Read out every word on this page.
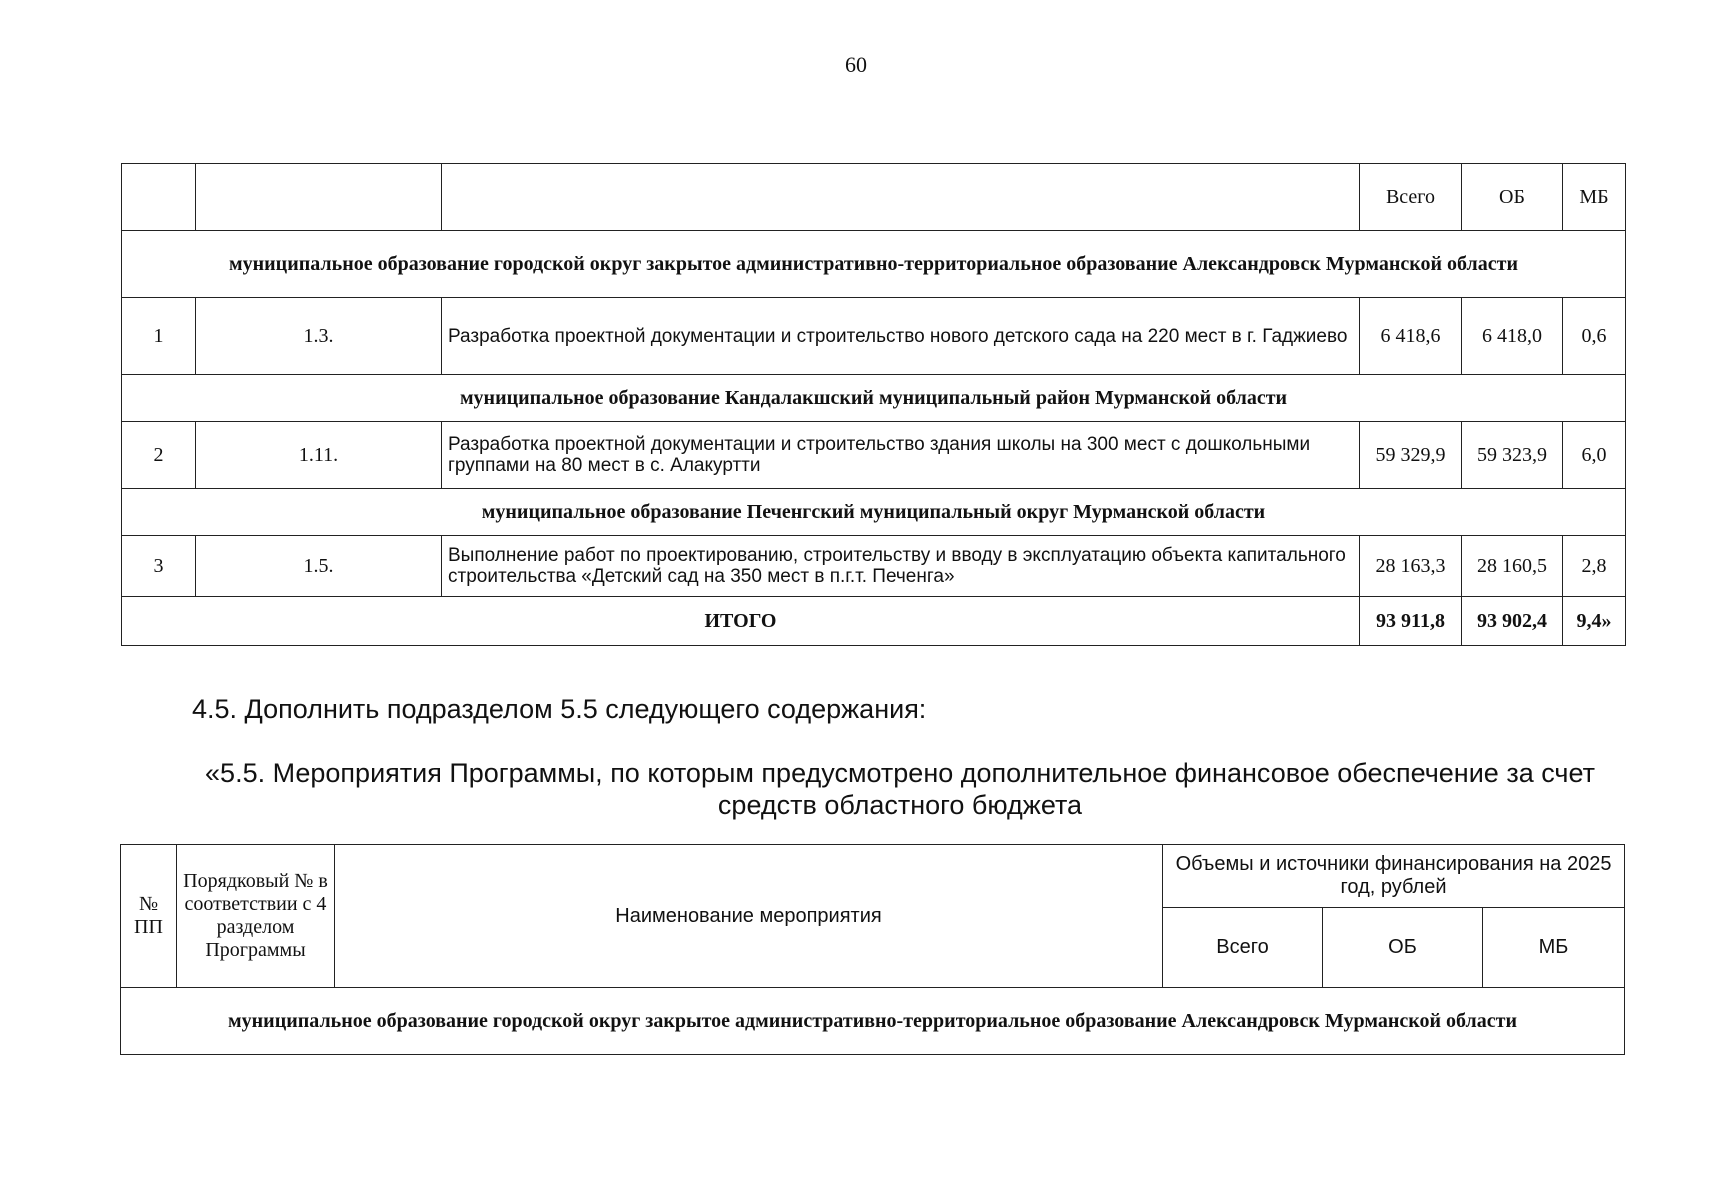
60
			Всего	ОБ	МБ
муниципальное образование городской округ закрытое административно-территориальное образование Александровск Мурманской области					
1	1.3.	Разработка проектной документации и строительство нового детского сада на 220 мест в г. Гаджиево	6 418,6	6 418,0	0,6
муниципальное образование Кандалакшский муниципальный район Мурманской области					
2	1.11.	Разработка проектной документации и строительство здания школы на 300 мест с дошкольными группами на 80 мест в с. Алакуртти	59 329,9	59 323,9	6,0
муниципальное образование Печенгский муниципальный округ Мурманской области					
3	1.5.	Выполнение работ по проектированию, строительству и вводу в эксплуатацию объекта капитального строительства «Детский сад на 350 мест в п.г.т. Печенга»	28 163,3	28 160,5	2,8
ИТОГО			93 911,8	93 902,4	9,4»
4.5. Дополнить подразделом 5.5 следующего содержания:
«5.5. Мероприятия Программы, по которым предусмотрено дополнительное финансовое обеспечение за счет средств областного бюджета
№ ПП	Порядковый № в соответствии с 4 разделом Программы	Наименование мероприятия	Объемы и источники финансирования на 2025 год, рублей		
			Всего	ОБ	МБ
муниципальное образование городской округ закрытое административно-территориальное образование Александровск Мурманской области					
